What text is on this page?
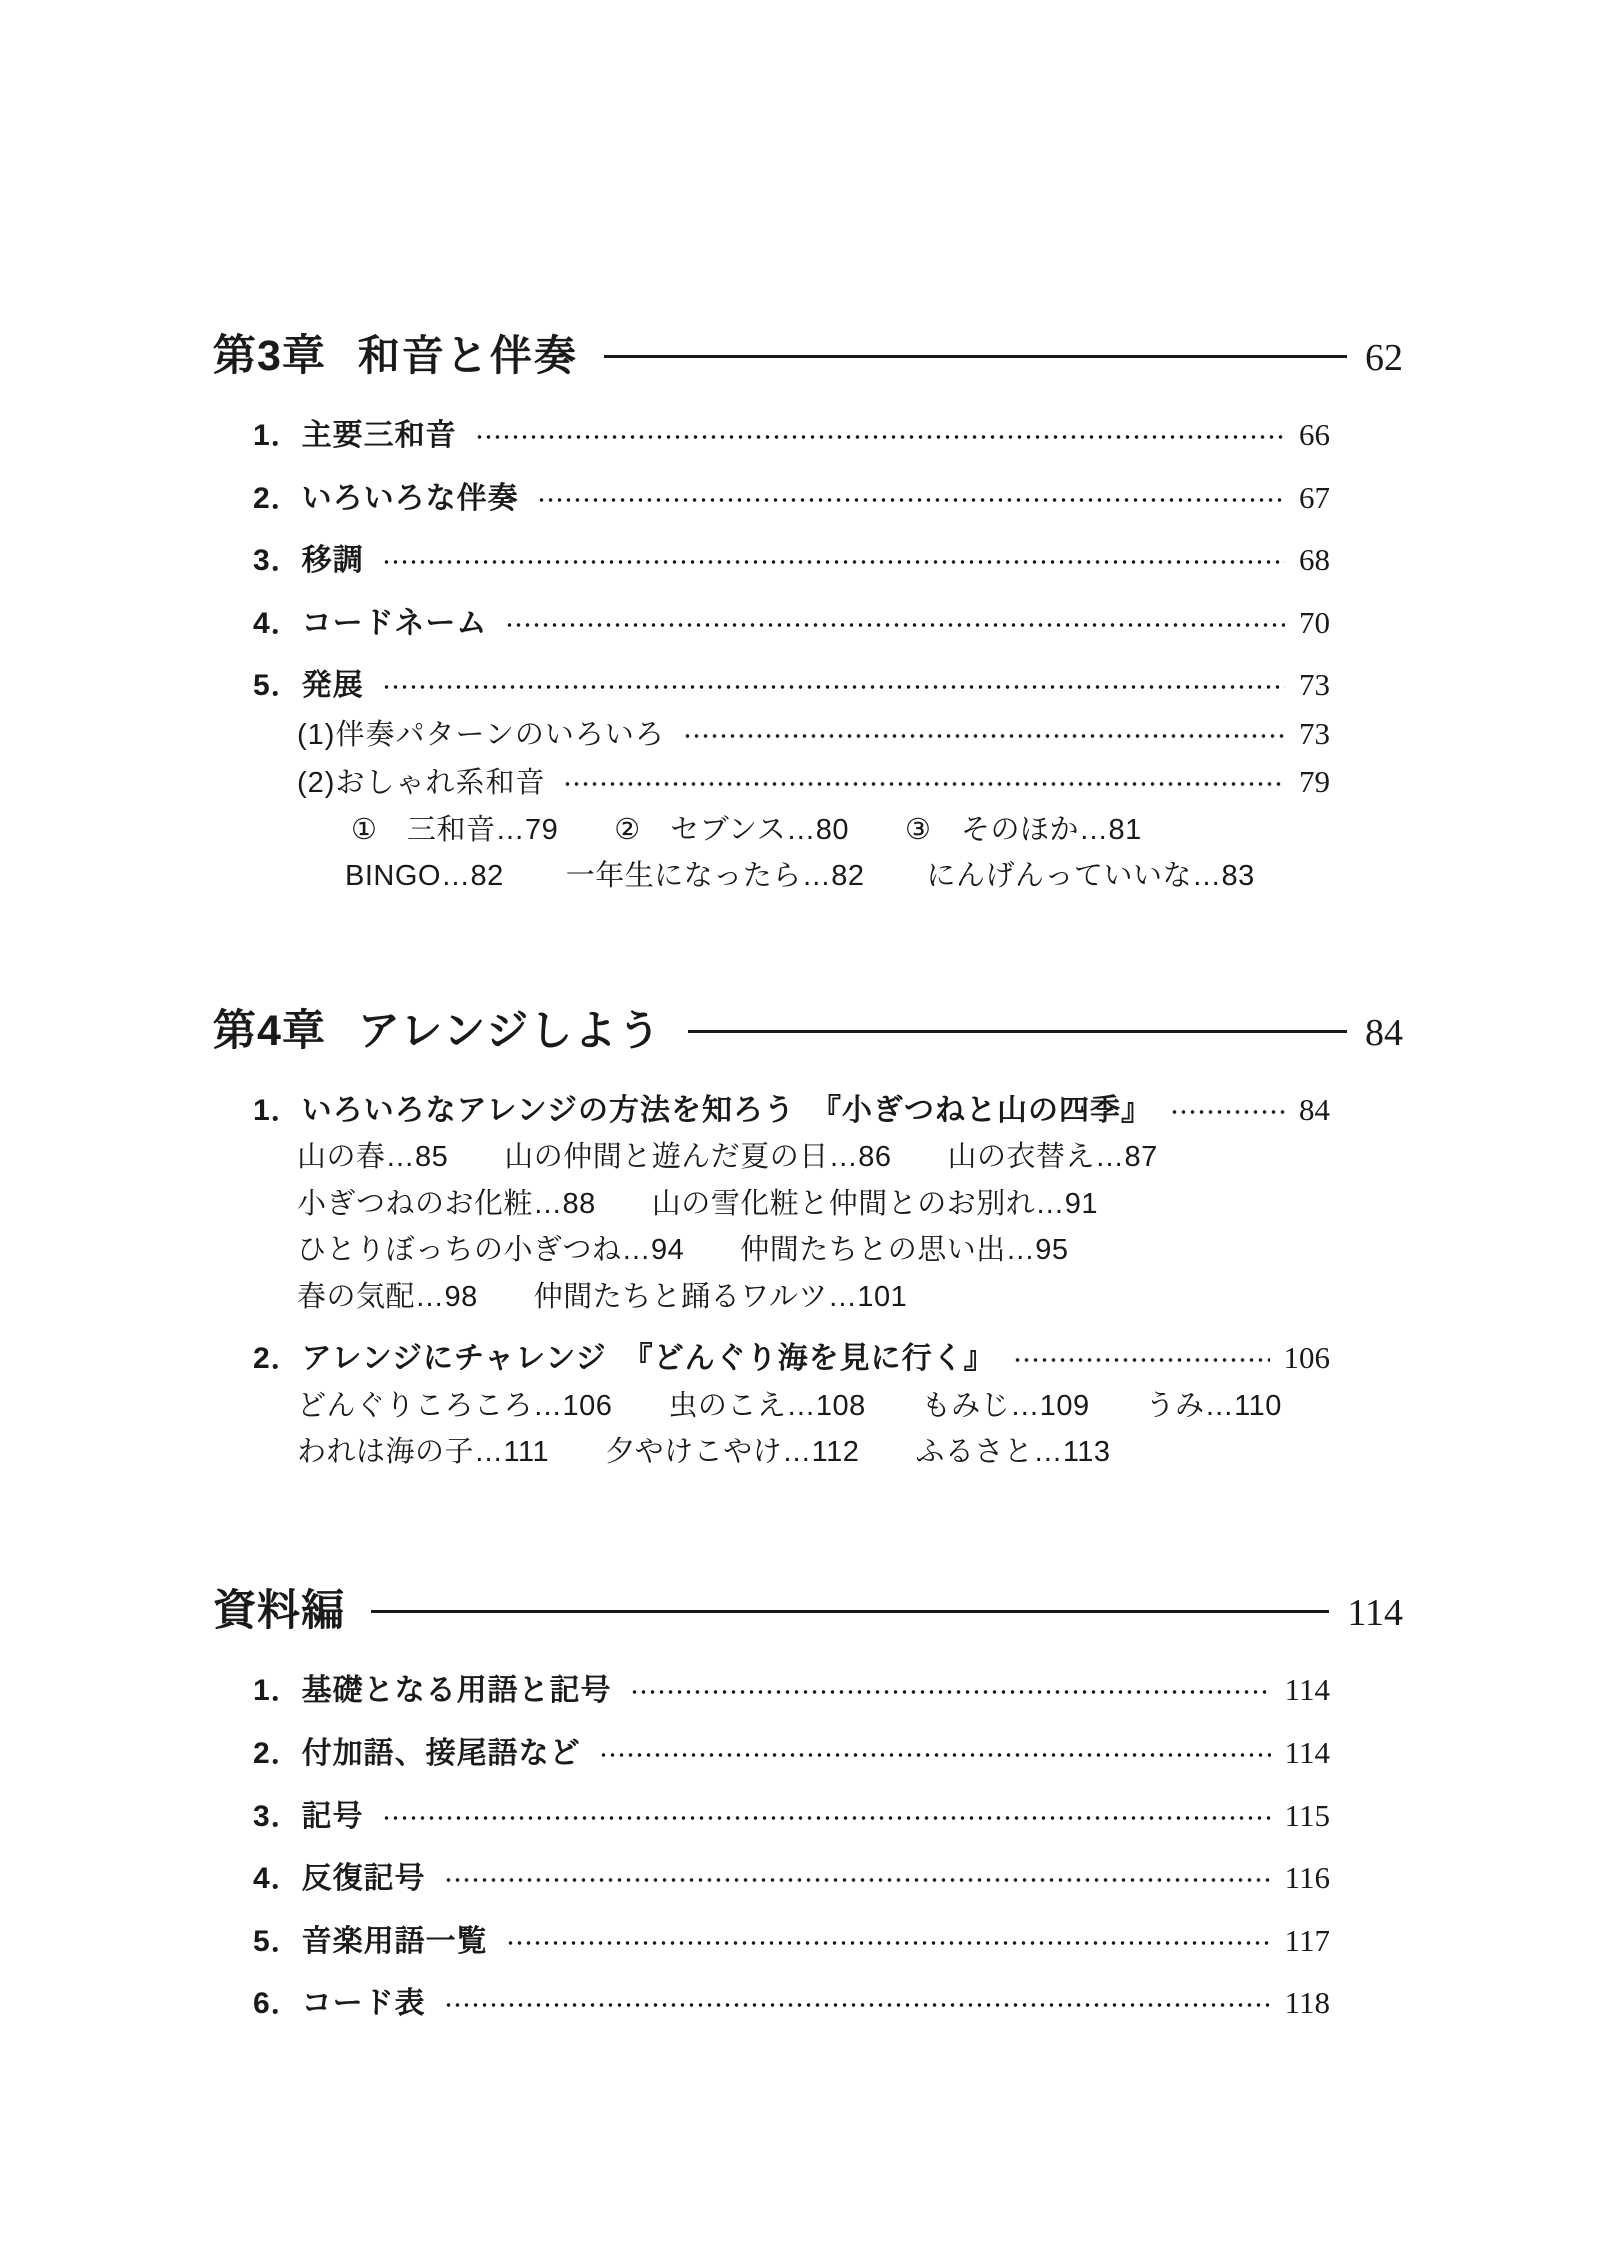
第3章 和音と伴奏	62
1．主要三和音	66
2．いろいろな伴奏	67
3．移調	68
4．コードネーム	70
5．発展	73
(1)伴奏パターンのいろいろ	73
(2)おしゃれ系和音	79
①　三和音…79 ②　セブンス…80 ③　そのほか…81
BINGO…82 一年生になったら…82 にんげんっていいな…83
第4章 アレンジしよう	84
1．いろいろなアレンジの方法を知ろう　『小ぎつねと山の四季』	84
山の春…85 山の仲間と遊んだ夏の日…86 山の衣替え…87
小ぎつねのお化粧…88 山の雪化粧と仲間とのお別れ…91
ひとりぼっちの小ぎつね…94 仲間たちとの思い出…95
春の気配…98 仲間たちと踊るワルツ…101
2．アレンジにチャレンジ　『どんぐり海を見に行く』	106
どんぐりころころ…106 虫のこえ…108 もみじ…109 うみ…110
われは海の子…111 夕やけこやけ…112 ふるさと…113
資料編	114
1．基礎となる用語と記号	114
2．付加語、接尾語など	114
3．記号	115
4．反復記号	116
5．音楽用語一覧	117
6．コード表	118
